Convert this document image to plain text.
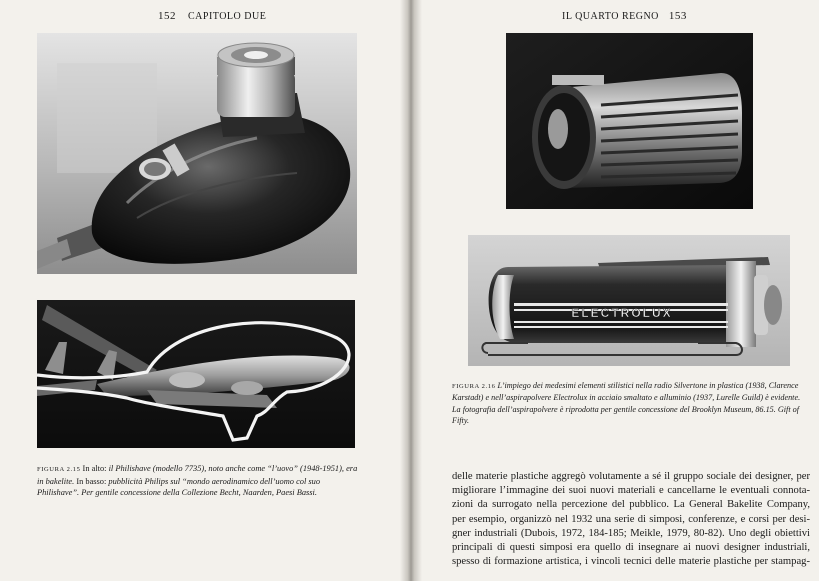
152 CAPITOLO DUE
FIGURA 2.15 In alto: il Philishave (modello 7735), noto anche come “l’uovo” (1948-1951), era in bakelite. In basso: pubblicità Philips sul “mondo aerodinamico dell’uomo col suo Philishave”. Per gentile concessione della Collezione Becht, Naarden, Paesi Bassi.
IL QUARTO REGNO 153
ELECTROLUX
FIGURA 2.16 L’impiego dei medesimi elementi stilistici nella radio Silvertone in plastica (1938, Clarence Karstadt) e nell’aspirapolvere Electrolux in acciaio smaltato e alluminio (1937, Lurelle Guild) è evidente. La fotografia dell’aspirapolvere è riprodotta per gentile concessione del Brooklyn Museum, 86.15. Gift of Fifty.
delle materie plastiche aggregò volutamente a sé il gruppo sociale dei designer, per
migliorare l’immagine dei suoi nuovi materiali e cancellarne le eventuali connota-
zioni da surrogato nella percezione del pubblico. La General Bakelite Company,
per esempio, organizzò nel 1932 una serie di simposi, conferenze, e corsi per desi-
gner industriali (Dubois, 1972, 184-185; Meikle, 1979, 80-82). Uno degli obiettivi
principali di questi simposi era quello di insegnare ai nuovi designer industriali,
spesso di formazione artistica, i vincoli tecnici delle materie plastiche per stampag-
